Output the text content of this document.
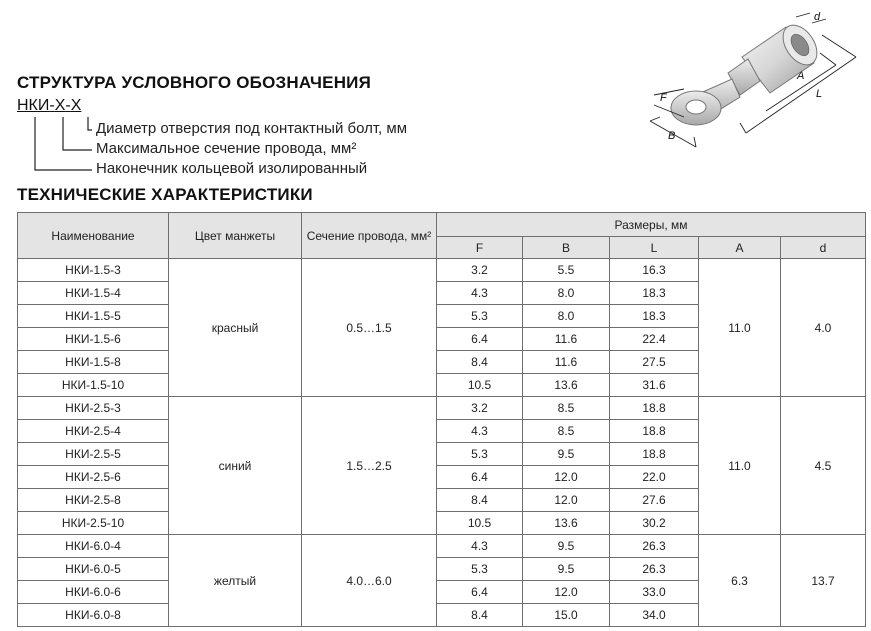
СТРУКТУРА УСЛОВНОГО ОБОЗНАЧЕНИЯ
НКИ-Х-Х
Диаметр отверстия под контактный болт, мм
Максимальное сечение провода, мм²
Наконечник кольцевой изолированный
F
B
A
L
d
ТЕХНИЧЕСКИЕ ХАРАКТЕРИСТИКИ
Наименование	Цвет манжеты	Сечение провода, мм²	Размеры, мм				
			F	B	L	A	d
НКИ-1.5-3	красный	0.5…1.5	3.2	5.5	16.3	11.0	4.0
НКИ-1.5-4			4.3	8.0	18.3		
НКИ-1.5-5			5.3	8.0	18.3		
НКИ-1.5-6			6.4	11.6	22.4		
НКИ-1.5-8			8.4	11.6	27.5		
НКИ-1.5-10			10.5	13.6	31.6		
НКИ-2.5-3	синий	1.5…2.5	3.2	8.5	18.8	11.0	4.5
НКИ-2.5-4			4.3	8.5	18.8		
НКИ-2.5-5			5.3	9.5	18.8		
НКИ-2.5-6			6.4	12.0	22.0		
НКИ-2.5-8			8.4	12.0	27.6		
НКИ-2.5-10			10.5	13.6	30.2		
НКИ-6.0-4	желтый	4.0…6.0	4.3	9.5	26.3	6.3	13.7
НКИ-6.0-5			5.3	9.5	26.3		
НКИ-6.0-6			6.4	12.0	33.0		
НКИ-6.0-8			8.4	15.0	34.0		
